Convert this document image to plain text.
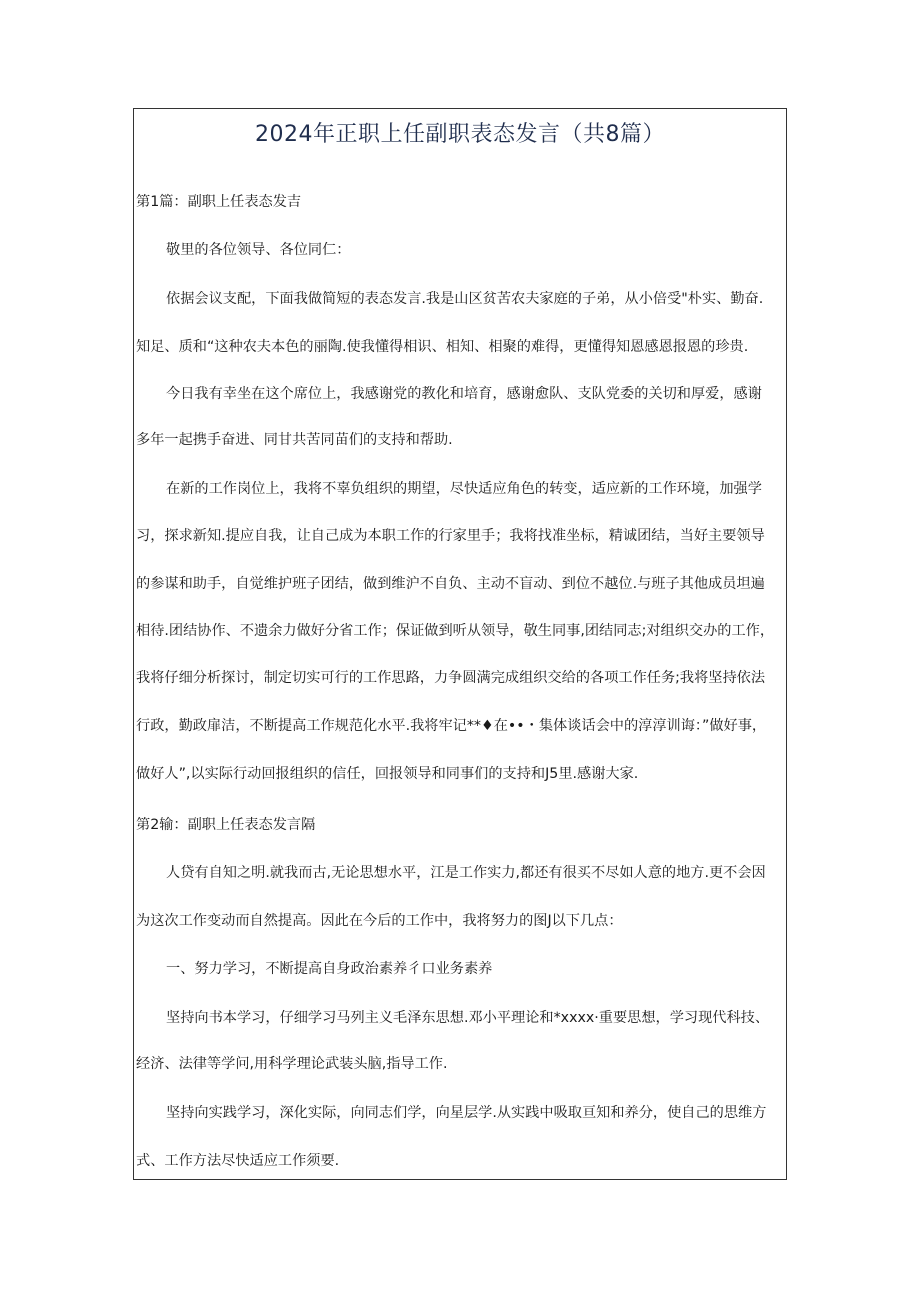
2024年正职上任副职表态发言（共8篇）

第1篇：副职上任表态发吉

敬里的各位领导、各位同仁：

依据会议支配，下面我做简短的表态发言.我是山区贫苦农夫家庭的子弟，从小倍受"朴实、勤奋.

知足、质和“这种农夫本色的丽陶.使我懂得相识、相知、相聚的难得，更懂得知恩感恩报恩的珍贵.

今日我有幸坐在这个席位上，我感谢党的教化和培育，感谢愈队、支队党委的关切和厚爱，感谢

多年一起携手奋进、同甘共苦同苗们的支持和帮助.

在新的工作岗位上，我将不辜负组织的期望，尽快适应角色的转变，适应新的工作环境，加强学

习，探求新知.提应自我，让自己成为本职工作的行家里手；我将找准坐标，精诚团结，当好主要领导

的参谋和助手，自觉维护班子团结，做到维沪不自负、主动不盲动、到位不越位.与班子其他成员坦遍

相待.团结协作、不遗余力做好分省工作；保证做到听从领导，敬生同事,团结同志;对组织交办的工作，

我将仔细分析探讨，制定切实可行的工作思路，力争圆满完成组织交给的各项工作任务;我将坚持依法

行政，勤政扉洁，不断提高工作规范化水平.我将牢记**♦在••・集体谈话会中的淳淳训诲：”做好事，

做好人”,以实际行动回报组织的信任，回报领导和同事们的支持和J5里.感谢大家.

第2输：副职上任表态发言隔

人贷有自知之明.就我而古,无论思想水平，江是工作实力,都还有很买不尽如人意的地方.更不会因

为这次工作变动而自然提高。因此在今后的工作中，我将努力的图J以下几点：

一、努力学习，不断提高自身政治素养彳口业务素养

坚持向书本学习，仔细学习马列主义毛泽东思想.邓小平理论和*xxxx·重要思想，学习现代科技、

经济、法律等学问,用科学理论武装头脑,指导工作.

坚持向实践学习，深化实际，向同志们学，向星层学.从实践中吸取亘知和养分，使自己的思维方

式、工作方法尽快适应工作须要.
